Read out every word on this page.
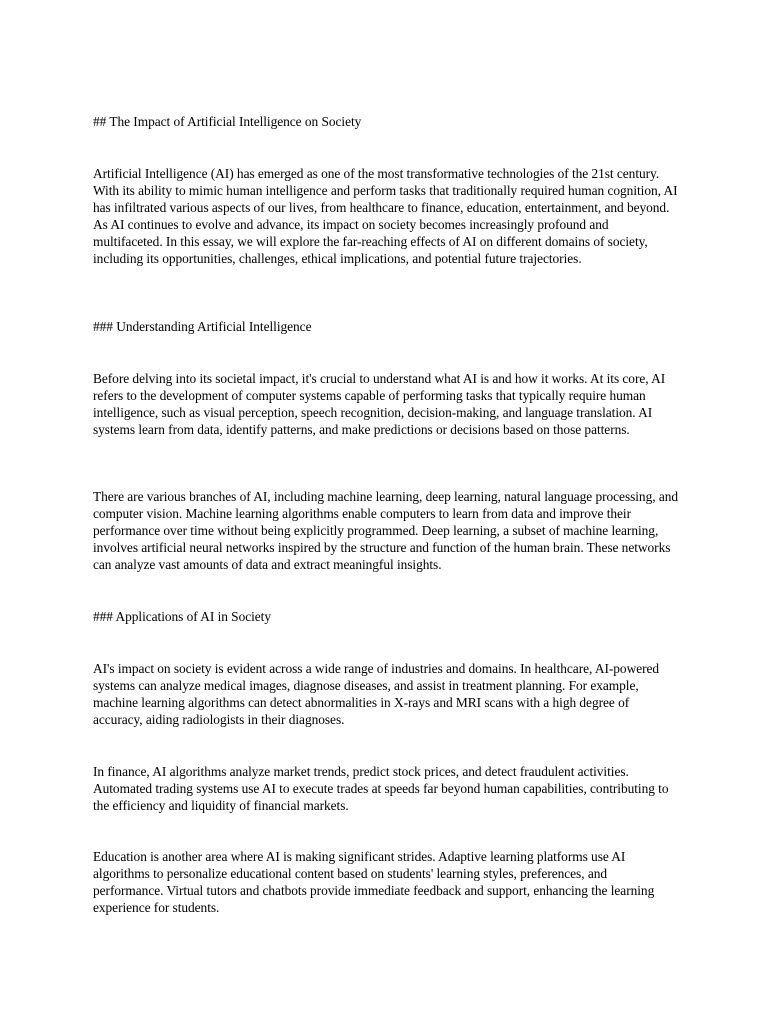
## The Impact of Artificial Intelligence on Society

Artificial Intelligence (AI) has emerged as one of the most transformative technologies of the 21st century. With its ability to mimic human intelligence and perform tasks that traditionally required human cognition, AI has infiltrated various aspects of our lives, from healthcare to finance, education, entertainment, and beyond. As AI continues to evolve and advance, its impact on society becomes increasingly profound and multifaceted. In this essay, we will explore the far-reaching effects of AI on different domains of society, including its opportunities, challenges, ethical implications, and potential future trajectories.

### Understanding Artificial Intelligence

Before delving into its societal impact, it's crucial to understand what AI is and how it works. At its core, AI refers to the development of computer systems capable of performing tasks that typically require human intelligence, such as visual perception, speech recognition, decision-making, and language translation. AI systems learn from data, identify patterns, and make predictions or decisions based on those patterns.

There are various branches of AI, including machine learning, deep learning, natural language processing, and computer vision. Machine learning algorithms enable computers to learn from data and improve their performance over time without being explicitly programmed. Deep learning, a subset of machine learning, involves artificial neural networks inspired by the structure and function of the human brain. These networks can analyze vast amounts of data and extract meaningful insights.

### Applications of AI in Society

AI's impact on society is evident across a wide range of industries and domains. In healthcare, AI-powered systems can analyze medical images, diagnose diseases, and assist in treatment planning. For example, machine learning algorithms can detect abnormalities in X-rays and MRI scans with a high degree of accuracy, aiding radiologists in their diagnoses.

In finance, AI algorithms analyze market trends, predict stock prices, and detect fraudulent activities. Automated trading systems use AI to execute trades at speeds far beyond human capabilities, contributing to the efficiency and liquidity of financial markets.

Education is another area where AI is making significant strides. Adaptive learning platforms use AI algorithms to personalize educational content based on students' learning styles, preferences, and performance. Virtual tutors and chatbots provide immediate feedback and support, enhancing the learning experience for students.
